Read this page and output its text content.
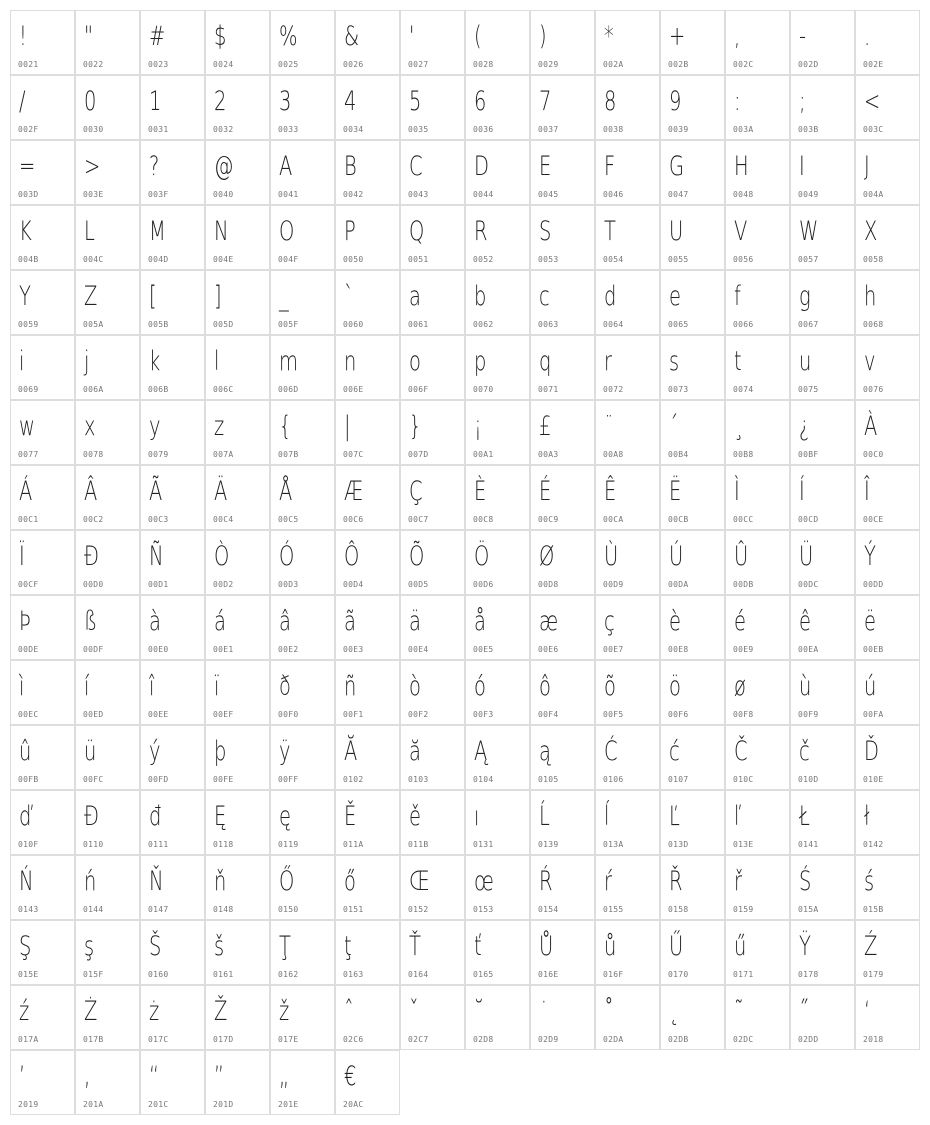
!
0021
"
0022
#
0023
$
0024
%
0025
&
0026
'
0027
(
0028
)
0029
*
002A
+
002B
,
002C
-
002D
.
002E
/
002F
0
0030
1
0031
2
0032
3
0033
4
0034
5
0035
6
0036
7
0037
8
0038
9
0039
:
003A
;
003B
<
003C
=
003D
>
003E
?
003F
@
0040
A
0041
B
0042
C
0043
D
0044
E
0045
F
0046
G
0047
H
0048
I
0049
J
004A
K
004B
L
004C
M
004D
N
004E
O
004F
P
0050
Q
0051
R
0052
S
0053
T
0054
U
0055
V
0056
W
0057
X
0058
Y
0059
Z
005A
[
005B
]
005D
_
005F
`
0060
a
0061
b
0062
c
0063
d
0064
e
0065
f
0066
g
0067
h
0068
i
0069
j
006A
k
006B
l
006C
m
006D
n
006E
o
006F
p
0070
q
0071
r
0072
s
0073
t
0074
u
0075
v
0076
w
0077
x
0078
y
0079
z
007A
{
007B
|
007C
}
007D
¡
00A1
£
00A3
¨
00A8
´
00B4
¸
00B8
¿
00BF
À
00C0
Á
00C1
Â
00C2
Ã
00C3
Ä
00C4
Å
00C5
Æ
00C6
Ç
00C7
È
00C8
É
00C9
Ê
00CA
Ë
00CB
Ì
00CC
Í
00CD
Î
00CE
Ï
00CF
Ð
00D0
Ñ
00D1
Ò
00D2
Ó
00D3
Ô
00D4
Õ
00D5
Ö
00D6
Ø
00D8
Ù
00D9
Ú
00DA
Û
00DB
Ü
00DC
Ý
00DD
Þ
00DE
ß
00DF
à
00E0
á
00E1
â
00E2
ã
00E3
ä
00E4
å
00E5
æ
00E6
ç
00E7
è
00E8
é
00E9
ê
00EA
ë
00EB
ì
00EC
í
00ED
î
00EE
ï
00EF
ð
00F0
ñ
00F1
ò
00F2
ó
00F3
ô
00F4
õ
00F5
ö
00F6
ø
00F8
ù
00F9
ú
00FA
û
00FB
ü
00FC
ý
00FD
þ
00FE
ÿ
00FF
Ă
0102
ă
0103
Ą
0104
ą
0105
Ć
0106
ć
0107
Č
010C
č
010D
Ď
010E
ď
010F
Đ
0110
đ
0111
Ę
0118
ę
0119
Ě
011A
ě
011B
ı
0131
Ĺ
0139
ĺ
013A
Ľ
013D
ľ
013E
Ł
0141
ł
0142
Ń
0143
ń
0144
Ň
0147
ň
0148
Ő
0150
ő
0151
Œ
0152
œ
0153
Ŕ
0154
ŕ
0155
Ř
0158
ř
0159
Ś
015A
ś
015B
Ş
015E
ş
015F
Š
0160
š
0161
Ţ
0162
ţ
0163
Ť
0164
ť
0165
Ů
016E
ů
016F
Ű
0170
ű
0171
Ÿ
0178
Ź
0179
ź
017A
Ż
017B
ż
017C
Ž
017D
ž
017E
ˆ
02C6
ˇ
02C7
˘
02D8
˙
02D9
˚
02DA
˛
02DB
˜
02DC
˝
02DD
‘
2018
’
2019
‚
201A
“
201C
”
201D
„
201E
€
20AC
